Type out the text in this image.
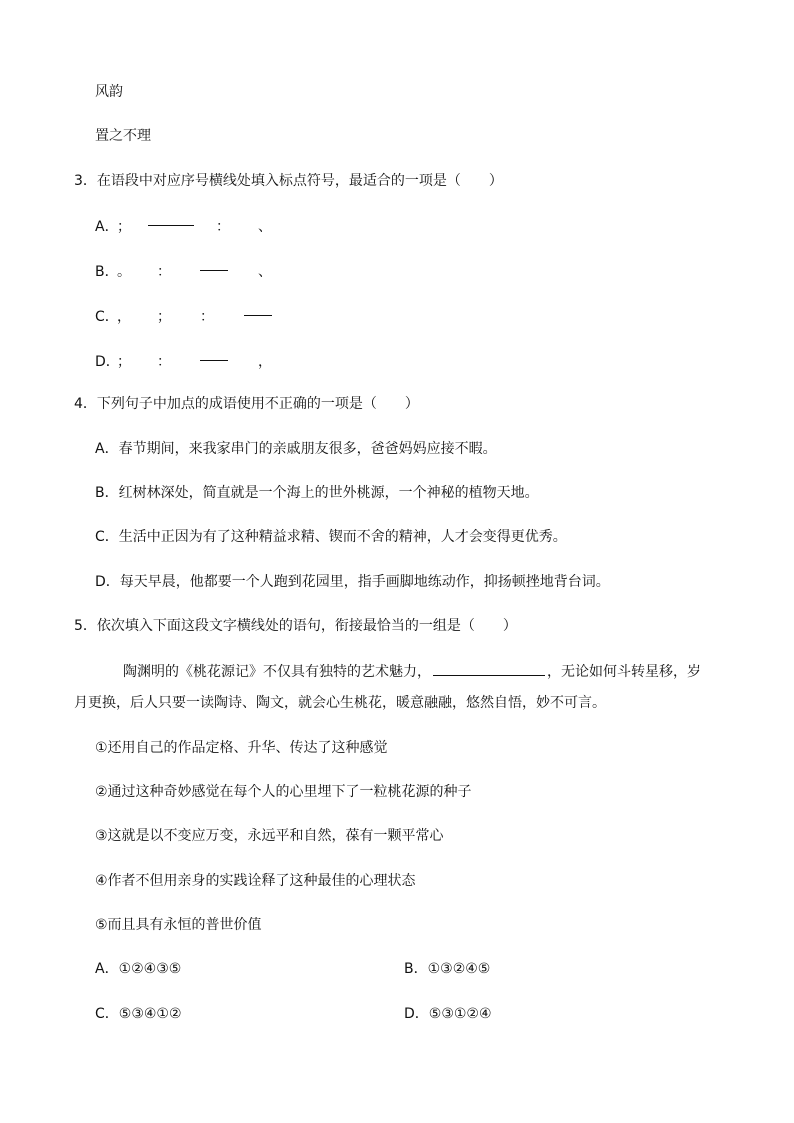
风韵
置之不理
3．在语段中对应序号横线处填入标点符号，最适合的一项是（　　）
A．
；	： 、
B．
。 ：	、
C．
， ； ：
D．
； ：	，
4．下列句子中加点的成语使用不正确的一项是（　　）
A．春节期间，来我家串门的亲戚朋友很多，爸爸妈妈应接不暇。
B．红树林深处，简直就是一个海上的世外桃源，一个神秘的植物天地。
C．生活中正因为有了这种精益求精、锲而不舍的精神，人才会变得更优秀。
D．每天早晨，他都要一个人跑到花园里，指手画脚地练动作，抑扬顿挫地背台词。
5．依次填入下面这段文字横线处的语句，衔接最恰当的一组是（　　）
陶渊明的《桃花源记》不仅具有独特的艺术魅力，	，无论如何斗转星移，岁
月更换，后人只要一读陶诗、陶文，就会心生桃花，暖意融融，悠然自悟，妙不可言。
①还用自己的作品定格、升华、传达了这种感觉
②通过这种奇妙感觉在每个人的心里埋下了一粒桃花源的种子
③这就是以不变应万变，永远平和自然，葆有一颗平常心
④作者不但用亲身的实践诠释了这种最佳的心理状态
⑤而且具有永恒的普世价值
A．①②④③⑤	B．①③②④⑤
C．⑤③④①②	D．⑤③①②④
